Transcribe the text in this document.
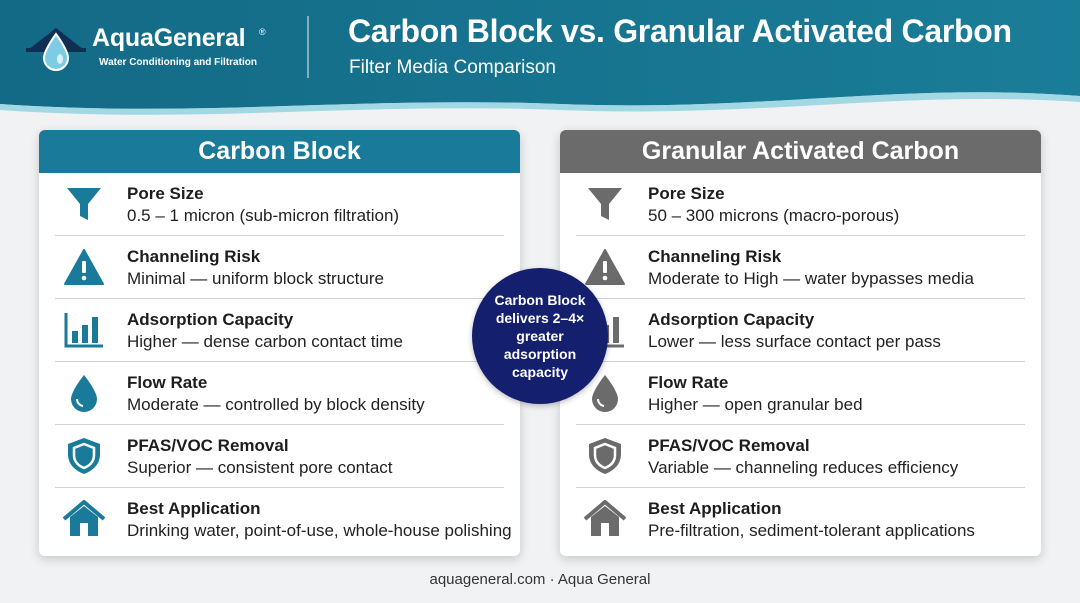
AquaGeneral ®
Water Conditioning and Filtration
Carbon Block vs. Granular Activated Carbon
Filter Media Comparison
Carbon Block
Pore Size
0.5 – 1 micron (sub-micron filtration)
Channeling Risk
Minimal — uniform block structure
Adsorption Capacity
Higher — dense carbon contact time
Flow Rate
Moderate — controlled by block density
PFAS/VOC Removal
Superior — consistent pore contact
Best Application
Drinking water, point-of-use, whole-house polishing
Granular Activated Carbon
Pore Size
50 – 300 microns (macro-porous)
Channeling Risk
Moderate to High — water bypasses media
Adsorption Capacity
Lower — less surface contact per pass
Flow Rate
Higher — open granular bed
PFAS/VOC Removal
Variable — channeling reduces efficiency
Best Application
Pre-filtration, sediment-tolerant applications
Carbon Block delivers 2–4× greater adsorption capacity
aquageneral.com · Aqua General
